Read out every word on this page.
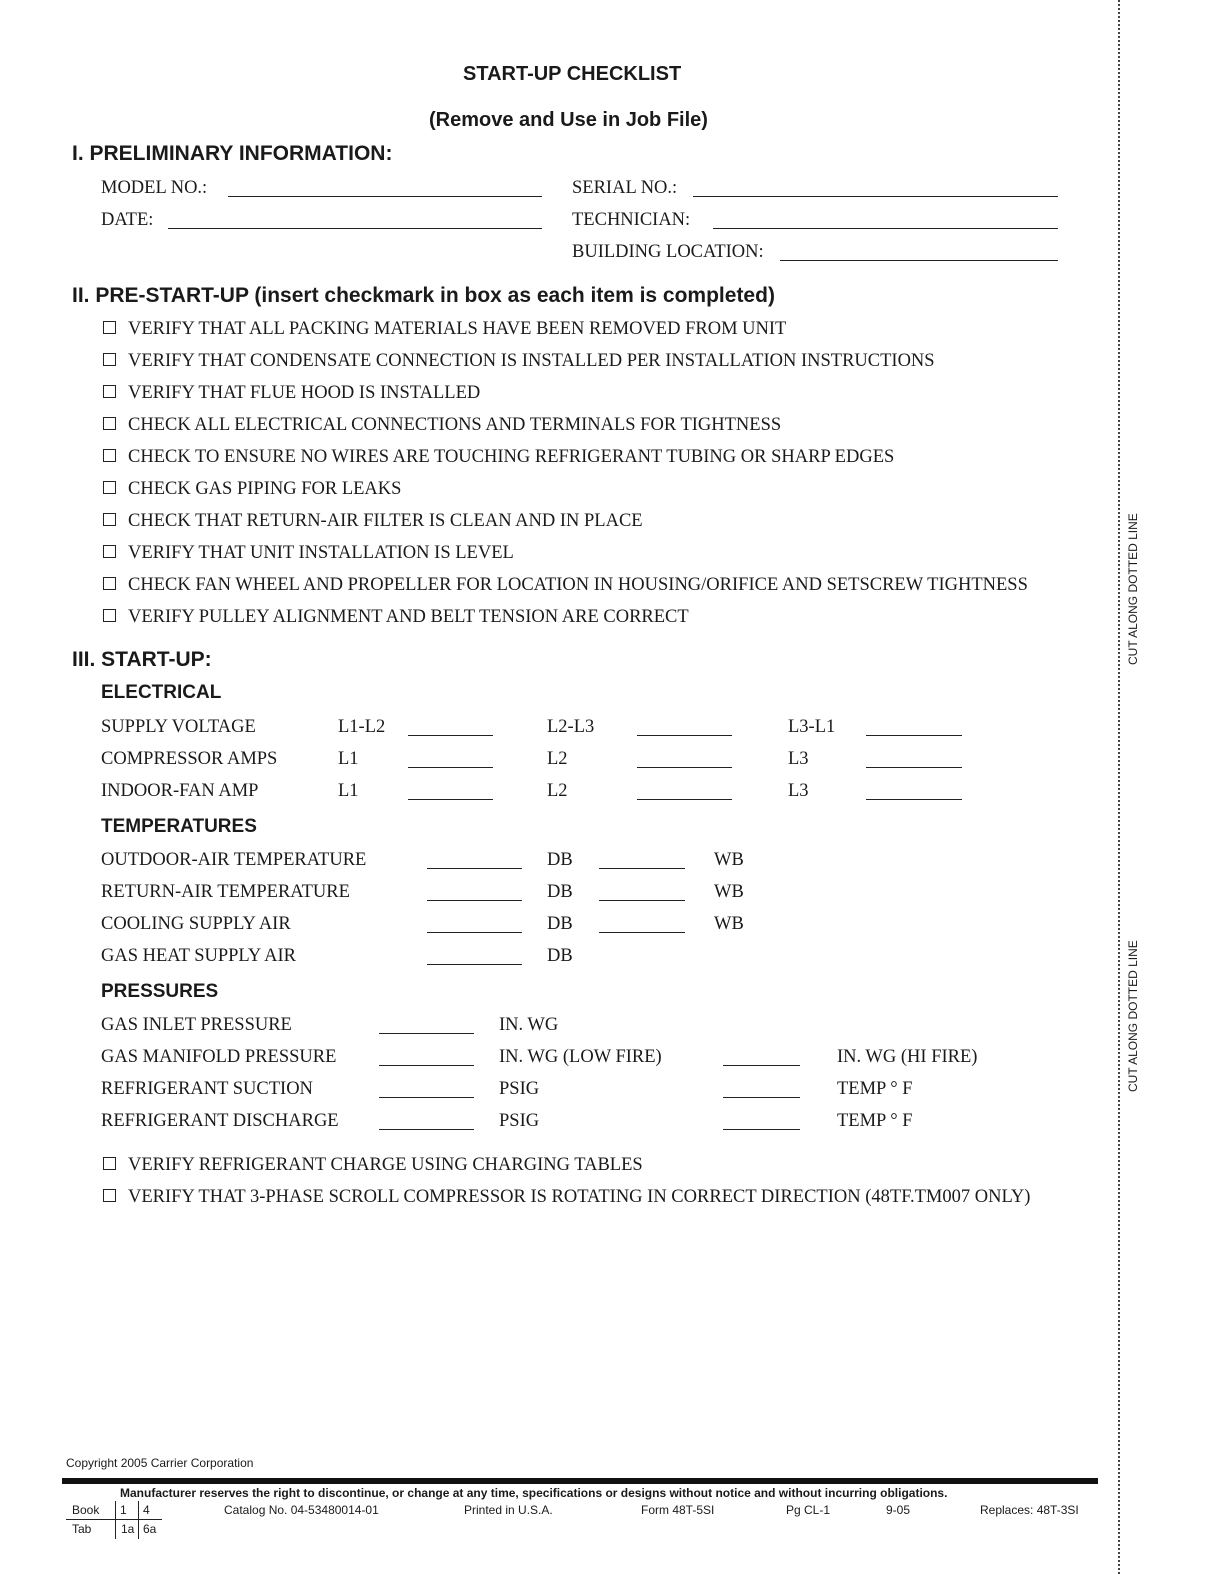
START-UP CHECKLIST
(Remove and Use in Job File)
I. PRELIMINARY INFORMATION:
MODEL NO.:	SERIAL NO.:
DATE:	TECHNICIAN:
BUILDING LOCATION:
II. PRE-START-UP (insert checkmark in box as each item is completed)
VERIFY THAT ALL PACKING MATERIALS HAVE BEEN REMOVED FROM UNIT
VERIFY THAT CONDENSATE CONNECTION IS INSTALLED PER INSTALLATION INSTRUCTIONS
VERIFY THAT FLUE HOOD IS INSTALLED
CHECK ALL ELECTRICAL CONNECTIONS AND TERMINALS FOR TIGHTNESS
CHECK TO ENSURE NO WIRES ARE TOUCHING REFRIGERANT TUBING OR SHARP EDGES
CHECK GAS PIPING FOR LEAKS
CHECK THAT RETURN-AIR FILTER IS CLEAN AND IN PLACE
VERIFY THAT UNIT INSTALLATION IS LEVEL
CHECK FAN WHEEL AND PROPELLER FOR LOCATION IN HOUSING/ORIFICE AND SETSCREW TIGHTNESS
VERIFY PULLEY ALIGNMENT AND BELT TENSION ARE CORRECT
III. START-UP:
ELECTRICAL
SUPPLY VOLTAGE	L1-L2	L2-L3	L3-L1
COMPRESSOR AMPS	L1	L2	L3
INDOOR-FAN AMP	L1	L2	L3
TEMPERATURES
OUTDOOR-AIR TEMPERATURE	DB	WB
RETURN-AIR TEMPERATURE	DB	WB
COOLING SUPPLY AIR	DB	WB
GAS HEAT SUPPLY AIR	DB
PRESSURES
GAS INLET PRESSURE	IN. WG
GAS MANIFOLD PRESSURE	IN. WG (LOW FIRE)	IN. WG (HI FIRE)
REFRIGERANT SUCTION	PSIG	TEMP ° F
REFRIGERANT DISCHARGE	PSIG	TEMP ° F
VERIFY REFRIGERANT CHARGE USING CHARGING TABLES
VERIFY THAT 3-PHASE SCROLL COMPRESSOR IS ROTATING IN CORRECT DIRECTION (48TF.TM007 ONLY)
CUT ALONG DOTTED LINE
CUT ALONG DOTTED LINE
Copyright 2005 Carrier Corporation
Manufacturer reserves the right to discontinue, or change at any time, specifications or designs without notice and without incurring obligations.
Book 1 4
Tab 1a 6a
Catalog No. 04-53480014-01	Printed in U.S.A.	Form 48T-5SI	Pg CL-1	9-05	Replaces: 48T-3SI
